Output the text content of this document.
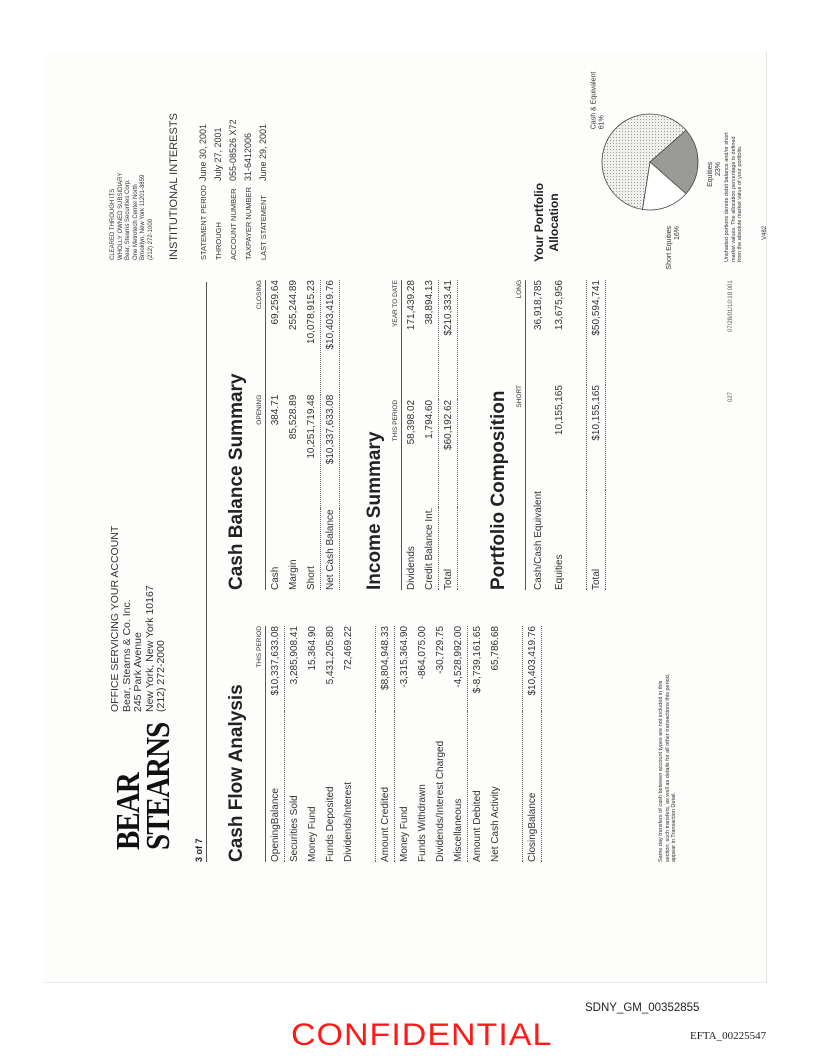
BEAR
STEARNS
OFFICE SERVICING YOUR ACCOUNT Bear, Stearns & Co. Inc. 245 Park Avenue New York, New York 10167 (212) 272-2000
CLEARED THROUGH ITS WHOLLY OWNED SUBSIDIARY Bear, Stearns Securities Corp. One Metrotech Center North Brooklyn, New York 11201-3859 (212) 272-1000 INSTITUTIONAL INTERESTS	STATEMENT PERIOD	June 30, 2001
THROUGH	July 27, 2001
ACCOUNT NUMBER	055-08526 X72
TAXPAYER NUMBER	31-6412006
LAST STATEMENT	June 29, 2001
3 of 7 Cash Flow Analysis
THIS PERIOD	
OpeningBalance	$10,337,633.08
Securities Sold	3,285,908.41
Money Fund	15,364.90
Funds Deposited	5,431,205.80
Dividends/Interest	72,469.22

Amount Credited	$8,804,948.33
Money Fund	-3,315,364.90
Funds Withdrawn	-864,075.00
Dividends/Interest Charged	-30,729.75
Miscellaneous	-4,528,992.00
Amount Debited	$-8,739,161.65
Net Cash Activity	65,786.68

ClosingBalance	$10,403,419.76
Same day transfers of cash between account types are not included in this section; such transfers, as well as details for all other transactions this period, appear in Transaction Detail.
Cash Balance Summary
	OPENING	CLOSING
Cash	384.71	69,259.64
Margin	85,528.89	255,244.89
Short	10,251,719.48	10,078,915.23
Net Cash Balance	$10,337,633.08	$10,403,419.76
Income Summary
	THIS PERIOD	YEAR TO DATE
Dividends	58,398.02	171,439.28
Credit Balance Int.	1,794.60	38,894.13
Total	$60,192.62	$210,333.41
Portfolio Composition
	SHORT	LONG
Cash/Cash Equivalent		36,918,785
Equities	10,155,165	13,675,956

Total	$10,155,165	$50,594,741
Your Portfolio Allocation
Cash & Equivalent61%
Equities23%
Short Equities16%	Unshaded portions denote debit balance and/or short market values. The allocation percentage is defined from the absolute market value of your portfolio.	V482
027
07/28/01/10:18 001
CONFIDENTIAL
SDNY_GM_00352855
EFTA_00225547
